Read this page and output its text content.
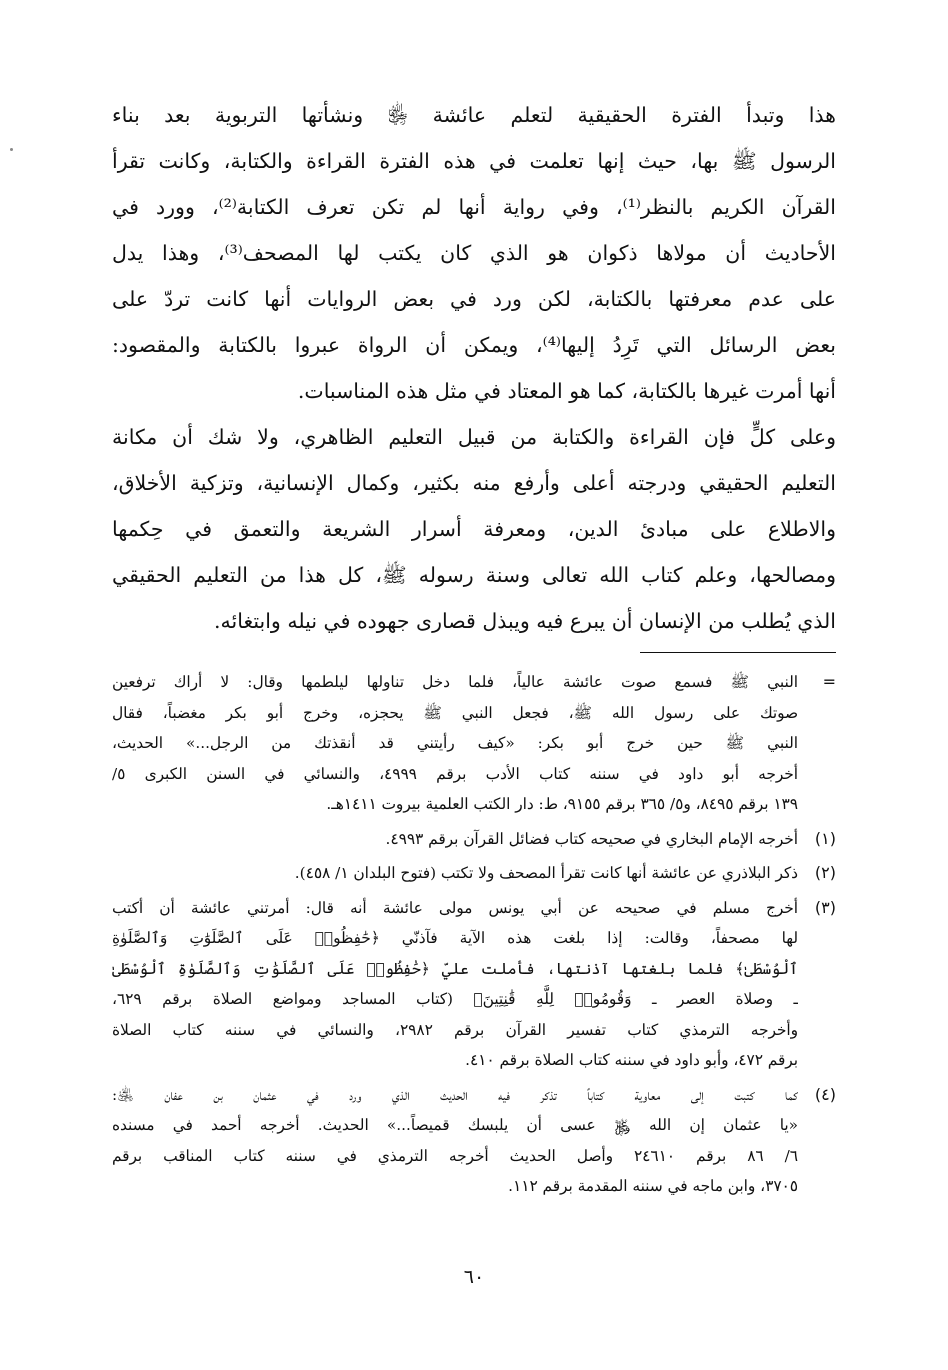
هذا وتبدأ الفترة الحقيقية لتعلم عائشة ﵂ ونشأتها التربوية بعد بناء
الرسول ﷺ بها، حيث إنها تعلمت في هذه الفترة القراءة والكتابة، وكانت تقرأ
القرآن الكريم بالنظر⁽¹⁾، وفي رواية أنها لم تكن تعرف الكتابة⁽²⁾، وورد في
الأحاديث أن مولاها ذكوان هو الذي كان يكتب لها المصحف⁽³⁾، وهذا يدل
على عدم معرفتها بالكتابة، لكن ورد في بعض الروايات أنها كانت تردّ على
بعض الرسائل التي تَرِدُ إليها⁽⁴⁾، ويمكن أن الرواة عبروا بالكتابة والمقصود:
أنها أمرت غيرها بالكتابة، كما هو المعتاد في مثل هذه المناسبات.
وعلى كلٍّ فإن القراءة والكتابة من قبيل التعليم الظاهري، ولا شك أن مكانة
التعليم الحقيقي ودرجته أعلى وأرفع منه بكثير، وكمال الإنسانية، وتزكية الأخلاق،
والاطلاع على مبادئ الدين، ومعرفة أسرار الشريعة والتعمق في حِكمها
ومصالحها، وعلم كتاب الله تعالى وسنة رسوله ﷺ، كل هذا من التعليم الحقيقي
الذي يُطلب من الإنسان أن يبرع فيه ويبذل قصارى جهوده في نيله وابتغائه.
=
النبي ﷺ فسمع صوت عائشة عالياً، فلما دخل تناولها ليلطمها وقال: لا أراك ترفعين
صوتك على رسول الله ﷺ، فجعل النبي ﷺ يحجزه، وخرج أبو بكر مغضباً، فقال
النبي ﷺ حين خرج أبو بكر: «كيف رأيتني قد أنقذتك من الرجل...» الحديث،
أخرجه أبو داود في سننه كتاب الأدب برقم ٤٩٩٩، والنسائي في السنن الكبرى ٥/
١٣٩ برقم ٨٤٩٥، و٥/ ٣٦٥ برقم ٩١٥٥، ط: دار الكتب العلمية بيروت ١٤١١هـ.
(١)
أخرجه الإمام البخاري في صحيحه كتاب فضائل القرآن برقم ٤٩٩٣.
(٢)
ذكر البلاذري عن عائشة أنها كانت تقرأ المصحف ولا تكتب (فتوح البلدان ١/ ٤٥٨).
(٣)
أخرج مسلم في صحيحه عن أبي يونس مولى عائشة أنه قال: أمرتني عائشة أن أكتب
لها مصحفاً، وقالت: إذا بلغت هذه الآية فآذنّي ﴿حَٰفِظُوا۟ عَلَى ٱلصَّلَوَٰتِ وَٱلصَّلَوٰةِ
ٱلْوُسْطَىٰ﴾ فلما بلغتها آذنتها، فأملت عليّ ﴿حَٰفِظُوا۟ عَلَى ٱلصَّلَوَٰتِ وَٱلصَّلَوٰةِ ٱلْوُسْطَىٰ
ـ وصلاة العصر ـ وَقُومُوا۟ لِلَّهِ قَٰنِتِينَ﴾ (كتاب المساجد ومواضع الصلاة برقم ٦٢٩،
وأخرجه الترمذي كتاب تفسير القرآن برقم ٢٩٨٢، والنسائي في سننه كتاب الصلاة
برقم ٤٧٢، وأبو داود في سننه كتاب الصلاة برقم ٤١٠.
(٤)
كما كتبت إلى معاوية كتاباً تذكر فيه الحديث الذي ورد في عثمان بن عفان ﵁:
«يا عثمان إن الله ﷿ عسى أن يلبسك قميصاً...» الحديث. أخرجه أحمد في مسنده
٦/ ٨٦ برقم ٢٤٦١٠ وأصل الحديث أخرجه الترمذي في سننه كتاب المناقب برقم
٣٧٠٥، وابن ماجه في سننه المقدمة برقم ١١٢.
٦٠
